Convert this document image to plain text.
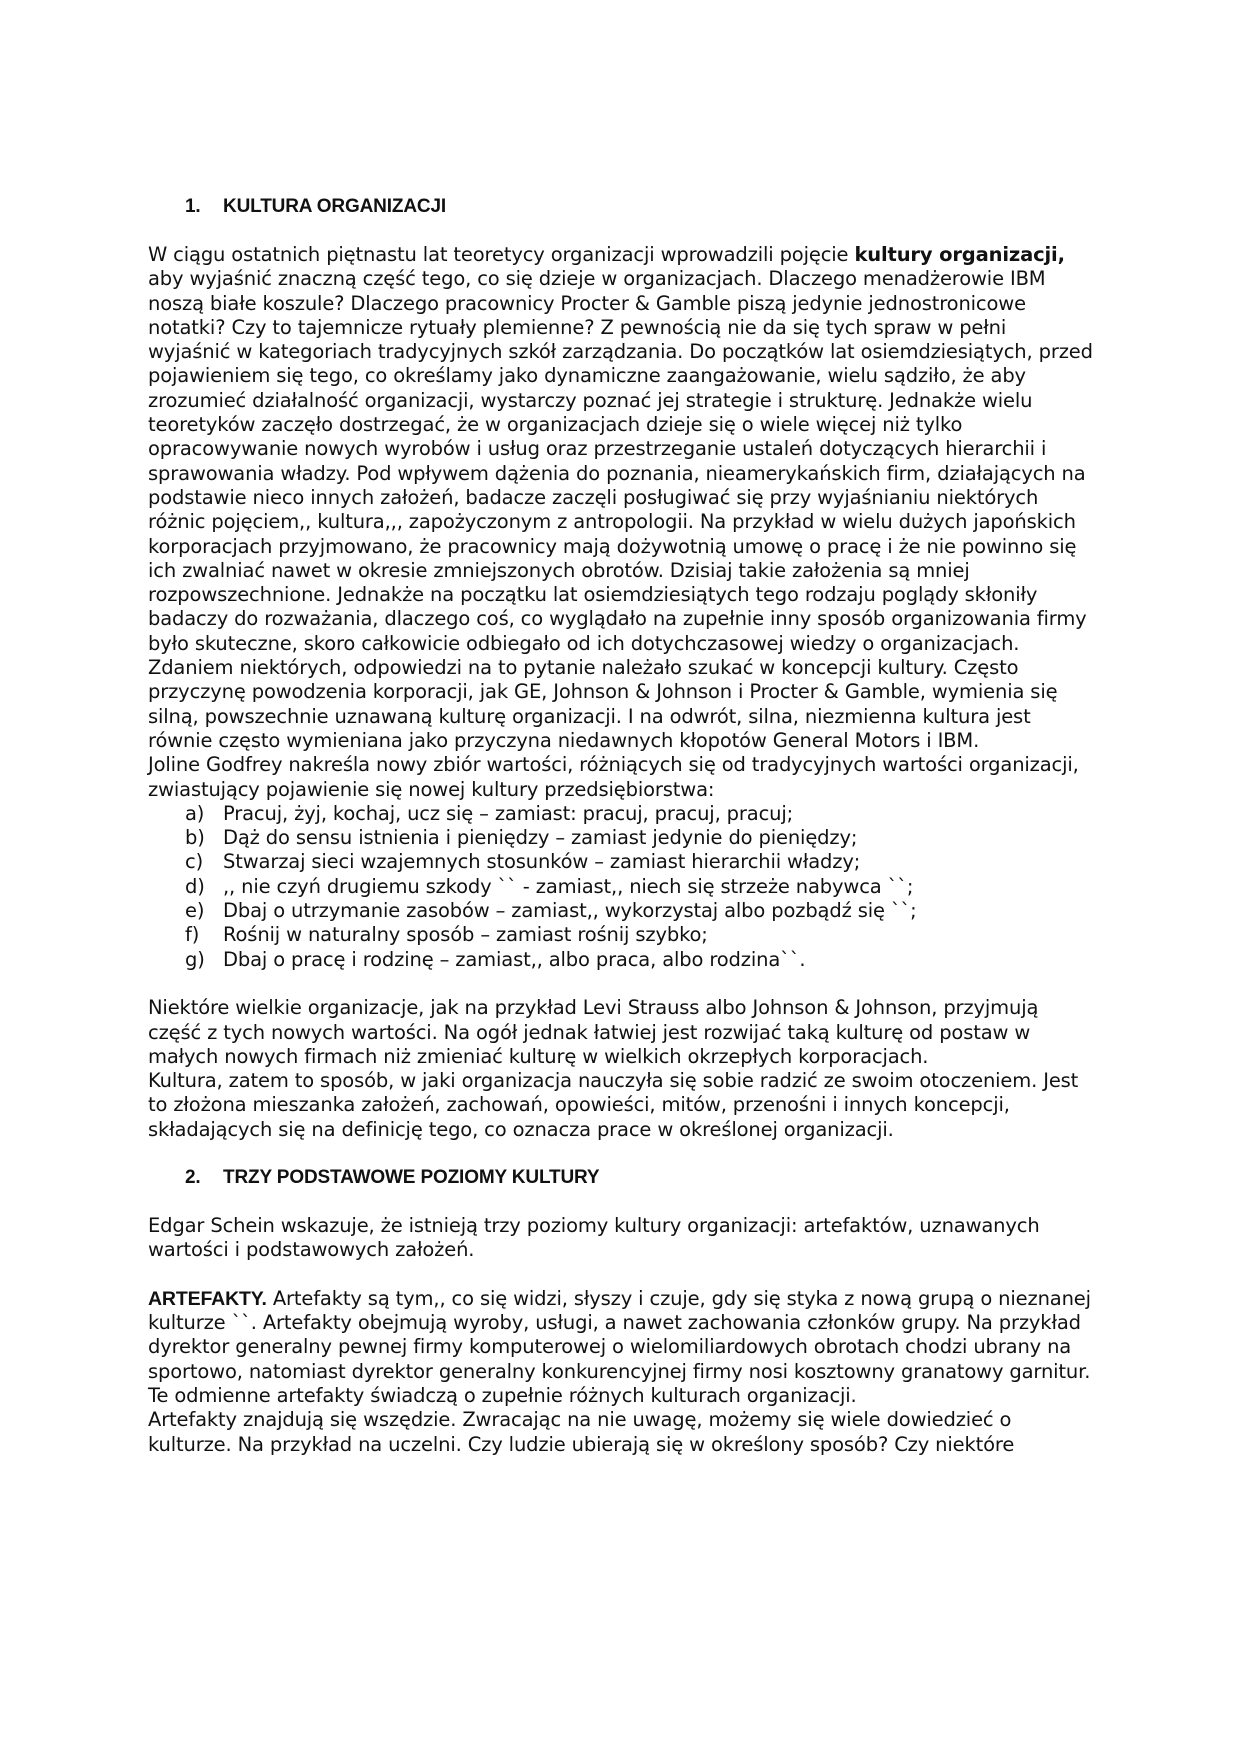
1.	KULTURA ORGANIZACJI

W ciągu ostatnich piętnastu lat teoretycy organizacji wprowadzili pojęcie kultury organizacji, aby wyjaśnić znaczną część tego, co się dzieje w organizacjach. Dlaczego menadżerowie IBM noszą białe koszule? Dlaczego pracownicy Procter & Gamble piszą jedynie jednostronicowe notatki? Czy to tajemnicze rytuały plemienne? Z pewnością nie da się tych spraw w pełni wyjaśnić w kategoriach tradycyjnych szkół zarządzania. Do początków lat osiemdziesiątych, przed pojawieniem się tego, co określamy jako dynamiczne zaangażowanie, wielu sądziło, że aby zrozumieć działalność organizacji, wystarczy poznać jej strategie i strukturę. Jednakże wielu teoretyków zaczęło dostrzegać, że w organizacjach dzieje się o wiele więcej niż tylko opracowywanie nowych wyrobów i usług oraz przestrzeganie ustaleń dotyczących hierarchii i sprawowania władzy. Pod wpływem dążenia do poznania, nieamerykańskich firm, działających na podstawie nieco innych założeń, badacze zaczęli posługiwać się przy wyjaśnianiu niektórych różnic pojęciem,, kultura,,, zapożyczonym z antropologii. Na przykład w wielu dużych japońskich korporacjach przyjmowano, że pracownicy mają dożywotnią umowę o pracę i że nie powinno się ich zwalniać nawet w okresie zmniejszonych obrotów. Dzisiaj takie założenia są mniej rozpowszechnione. Jednakże na początku lat osiemdziesiątych tego rodzaju poglądy skłoniły badaczy do rozważania, dlaczego coś, co wyglądało na zupełnie inny sposób organizowania firmy było skuteczne, skoro całkowicie odbiegało od ich dotychczasowej wiedzy o organizacjach. Zdaniem niektórych, odpowiedzi na to pytanie należało szukać w koncepcji kultury. Często przyczynę powodzenia korporacji, jak GE, Johnson & Johnson i Procter & Gamble, wymienia się silną, powszechnie uznawaną kulturę organizacji. I na odwrót, silna, niezmienna kultura jest równie często wymieniana jako przyczyna niedawnych kłopotów General Motors i IBM.

Joline Godfrey nakreśla nowy zbiór wartości, różniących się od tradycyjnych wartości organizacji, zwiastujący pojawienie się nowej kultury przedsiębiorstwa:

a) Pracuj, żyj, kochaj, ucz się – zamiast: pracuj, pracuj, pracuj;
b) Dąż do sensu istnienia i pieniędzy – zamiast jedynie do pieniędzy;
c)	Stwarzaj sieci wzajemnych stosunków – zamiast hierarchii władzy;
d) ,, nie czyń drugiemu szkody `` - zamiast,, niech się strzeże nabywca ``;
e) Dbaj o utrzymanie zasobów – zamiast,, wykorzystaj albo pozbądź się ``;
f)	Rośnij w naturalny sposób – zamiast rośnij szybko;
g) Dbaj o pracę i rodzinę – zamiast,, albo praca, albo rodzina``.

Niektóre wielkie organizacje, jak na przykład Levi Strauss albo Johnson & Johnson, przyjmują część z tych nowych wartości. Na ogół jednak łatwiej jest rozwijać taką kulturę od postaw w małych nowych firmach niż zmieniać kulturę w wielkich okrzepłych korporacjach.

Kultura, zatem to sposób, w jaki organizacja nauczyła się sobie radzić ze swoim otoczeniem. Jest to złożona mieszanka założeń, zachowań, opowieści, mitów, przenośni i innych koncepcji, składających się na definicję tego, co oznacza prace w określonej organizacji.

2.	TRZY PODSTAWOWE POZIOMY KULTURY

Edgar Schein wskazuje, że istnieją trzy poziomy kultury organizacji: artefaktów, uznawanych wartości i podstawowych założeń.

ARTEFAKTY. Artefakty są tym,, co się widzi, słyszy i czuje, gdy się styka z nową grupą o nieznanej kulturze ``. Artefakty obejmują wyroby, usługi, a nawet zachowania członków grupy. Na przykład dyrektor generalny pewnej firmy komputerowej o wielomiliardowych obrotach chodzi ubrany na sportowo, natomiast dyrektor generalny konkurencyjnej firmy nosi kosztowny granatowy garnitur. Te odmienne artefakty świadczą o zupełnie różnych kulturach organizacji.

Artefakty znajdują się wszędzie. Zwracając na nie uwagę, możemy się wiele dowiedzieć o kulturze. Na przykład na uczelni. Czy ludzie ubierają się w określony sposób? Czy niektóre
